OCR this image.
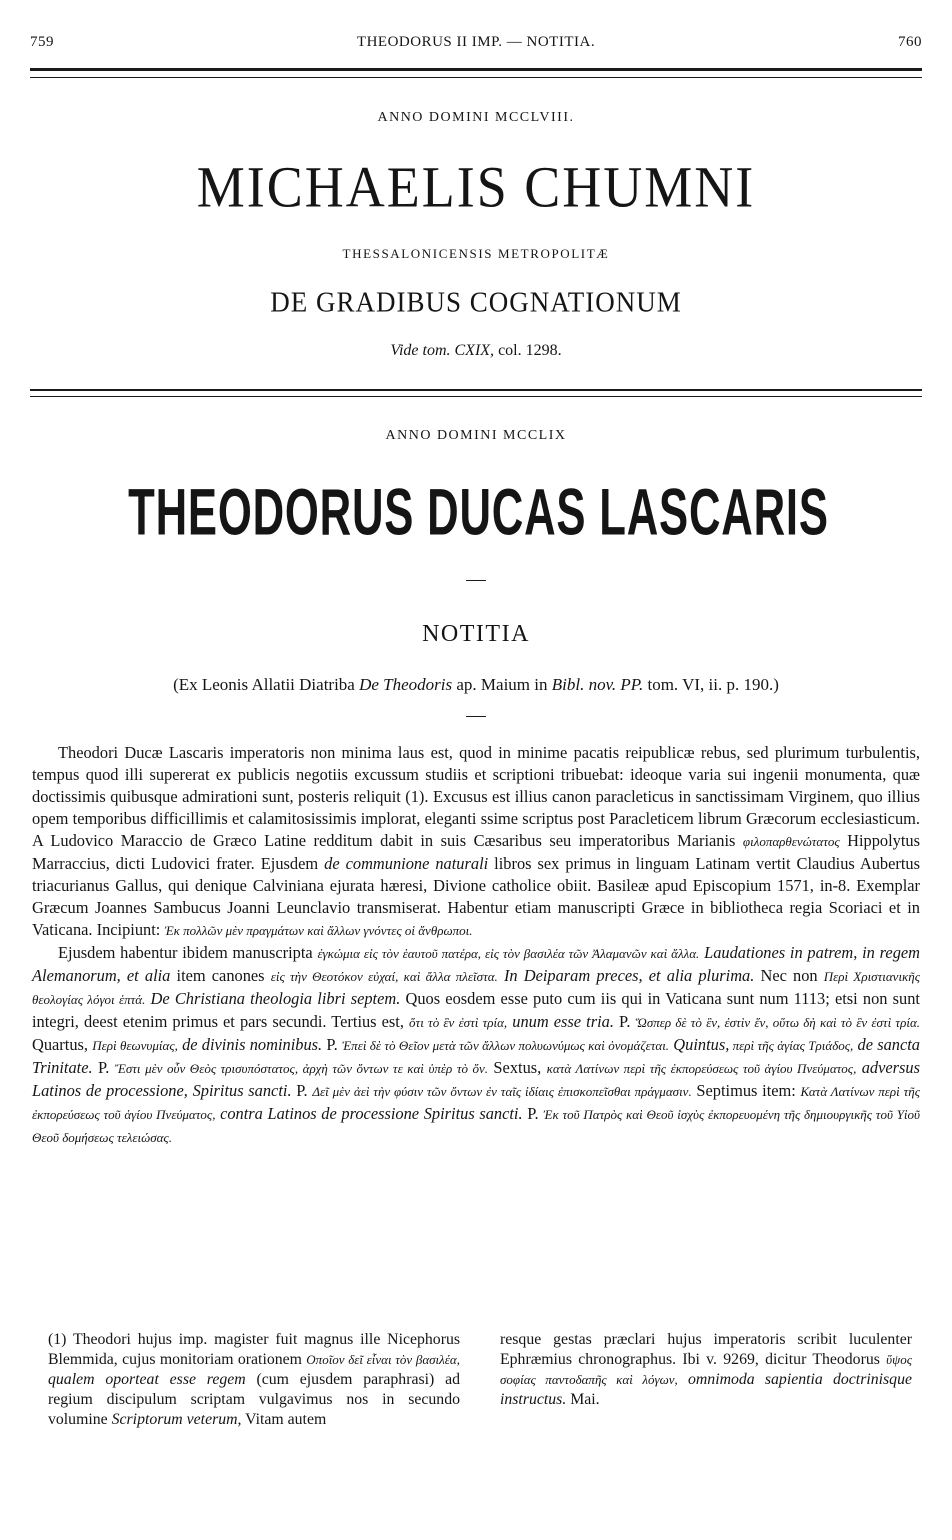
759	THEODORUS II IMP. — NOTITIA.	760
ANNO DOMINI MCCLVIII.
MICHAELIS CHUMNI
THESSALONICENSIS METROPOLITÆ
DE GRADIBUS COGNATIONUM
Vide tom. CXIX, col. 1298.
ANNO DOMINI MCCLIX
THEODORUS DUCAS LASCARIS
NOTITIA
(Ex Leonis Allatii Diatriba De Theodoris ap. Maium in Bibl. nov. PP. tom. VI, ii. p. 190.)

Theodori Ducæ Lascaris imperatoris non minima laus est, quod in minime pacatis reipublicæ rebus, sed plurimum turbulentis, tempus quod illi supererat ex publicis negotiis excussum studiis et scriptioni tribuebat: ideoque varia sui ingenii monumenta, quæ doctissimis quibusque admirationi sunt, posteris reliquit (1). Excusus est illius canon paracleticus in sanctissimam Virginem, quo illius opem temporibus difficillimis et calamitosissimis implorat, eleganti ssime scriptus post Paracleticem librum Græcorum ecclesiasticum. A Ludovico Maraccio de Græco Latine redditum dabit in suis Cæsaribus seu imperatoribus Marianis φιλοπαρθενώτατος Hippolytus Marraccius, dicti Ludovici frater. Ejusdem de communione naturali libros sex primus in linguam Latinam vertit Claudius Aubertus triacurianus Gallus, qui denique Calviniana ejurata hæresi, Divione catholice obiit. Basileæ apud Episcopium 1571, in-8. Exemplar Græcum Joannes Sambucus Joanni Leunclavio transmiserat. Habentur etiam manuscripti Græce in bibliotheca regia Scoriaci et in Vaticana. Incipiunt: Ἐκ πολλῶν μὲν πραγμάτων καὶ ἄλλων γνόντες οἱ ἄνθρωποι.

Ejusdem habentur ibidem manuscripta ἐγκώμια εἰς τὸν ἑαυτοῦ πατέρα, εἰς τὸν βασιλέα τῶν Ἀλαμανῶν καὶ ἄλλα. Laudationes in patrem, in regem Alemanorum, et alia item canones εἰς τὴν Θεοτόκον εὐχαί, καὶ ἄλλα πλεῖστα. In Deiparam preces, et alia plurima. Nec non Περὶ Χριστιανικῆς θεολογίας λόγοι ἑπτά. De Christiana theologia libri septem. Quos eosdem esse puto cum iis qui in Vaticana sunt num 1113; etsi non sunt integri, deest etenim primus et pars secundi. Tertius est, ὅτι τὸ ἓν ἐστὶ τρία, unum esse tria. P. Ὥσπερ δὲ τὸ ἓν, ἐστὶν ἕν, οὕτω δὴ καὶ τὸ ἓν ἐστὶ τρία. Quartus, Περὶ θεωνυμίας, de divinis nominibus. P. Ἐπεὶ δὲ τὸ Θεῖον μετὰ τῶν ἄλλων πολυωνύμως καὶ ὀνομάζεται. Quintus, περὶ τῆς ἁγίας Τριάδος, de sancta Trinitate. P. Ἔστι μὲν οὖν Θεὸς τρισυπόστατος, ἀρχὴ τῶν ὄντων τε καὶ ὑπὲρ τὸ ὄν. Sextus, κατὰ Λατίνων περὶ τῆς ἐκπορεύσεως τοῦ ἁγίου Πνεύματος, adversus Latinos de processione, Spiritus sancti. P. Δεῖ μὲν ἀεὶ τὴν φύσιν τῶν ὄντων ἐν ταῖς ἰδίαις ἐπισκοπεῖσθαι πράγμασιν. Septimus item: Κατὰ Λατίνων περὶ τῆς ἐκπορεύσεως τοῦ ἁγίου Πνεύματος, contra Latinos de processione Spiritus sancti. P. Ἐκ τοῦ Πατρὸς καὶ Θεοῦ ἰσχὺς ἐκπορευομένη τῆς δημιουργικῆς τοῦ Υἱοῦ Θεοῦ δομήσεως τελειώσας.

(1) Theodori hujus imp. magister fuit magnus ille Nicephorus Blemmida, cujus monitoriam orationem Οποῖον δεῖ εἶναι τὸν βασιλέα, qualem oporteat esse regem (cum ejusdem paraphrasi) ad regium discipulum scriptam vulgavimus nos in secundo volumine Scriptorum veterum, Vitam autem
resque gestas præclari hujus imperatoris scribit luculenter Ephræmius chronographus. Ibi v. 9269, dicitur Theodorus ὕψος σοφίας παντοδαπῆς καὶ λόγων, omnimoda sapientia doctrinisque instructus. Mai.
